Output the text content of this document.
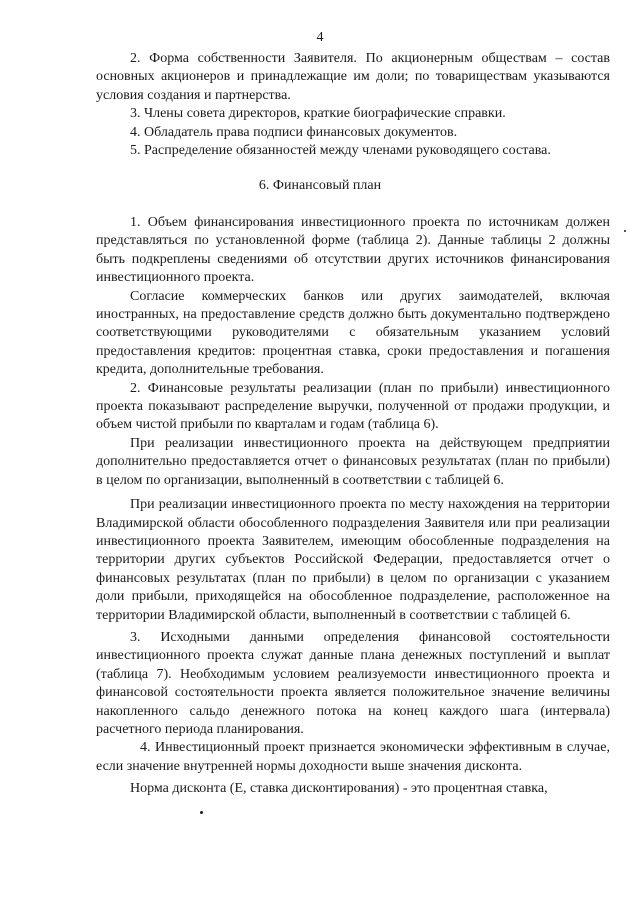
4

2. Форма собственности Заявителя. По акционерным обществам – состав основных акционеров и принадлежащие им доли; по товариществам указываются условия создания и партнерства.

3. Члены совета директоров, краткие биографические справки.

4. Обладатель права подписи финансовых документов.

5. Распределение обязанностей между членами руководящего состава.

6. Финансовый план

1. Объем финансирования инвестиционного проекта по источникам должен представляться по установленной форме (таблица 2). Данные таблицы 2 должны быть подкреплены сведениями об отсутствии других источников финансирования инвестиционного проекта.

Согласие коммерческих банков или других заимодателей, включая иностранных, на предоставление средств должно быть документально подтверждено соответствующими руководителями с обязательным указанием условий предоставления кредитов: процентная ставка, сроки предоставления и погашения кредита, дополнительные требования.

2. Финансовые результаты реализации (план по прибыли) инвестиционного проекта показывают распределение выручки, полученной от продажи продукции, и объем чистой прибыли по кварталам и годам (таблица 6).

При реализации инвестиционного проекта на действующем предприятии дополнительно предоставляется отчет о финансовых результатах (план по прибыли) в целом по организации, выполненный в соответствии с таблицей 6.

При реализации инвестиционного проекта по месту нахождения на территории Владимирской области обособленного подразделения Заявителя или при реализации инвестиционного проекта Заявителем, имеющим обособленные подразделения на территории других субъектов Российской Федерации, предоставляется отчет о финансовых результатах (план по прибыли) в целом по организации с указанием доли прибыли, приходящейся на обособленное подразделение, расположенное на территории Владимирской области, выполненный в соответствии с таблицей 6.

3. Исходными данными определения финансовой состоятельности инвестиционного проекта служат данные плана денежных поступлений и выплат (таблица 7). Необходимым условием реализуемости инвестиционного проекта и финансовой состоятельности проекта является положительное значение величины накопленного сальдо денежного потока на конец каждого шага (интервала) расчетного периода планирования.

4. Инвестиционный проект признается экономически эффективным в случае, если значение внутренней нормы доходности выше значения дисконта.

Норма дисконта (Е, ставка дисконтирования) - это процентная ставка,
